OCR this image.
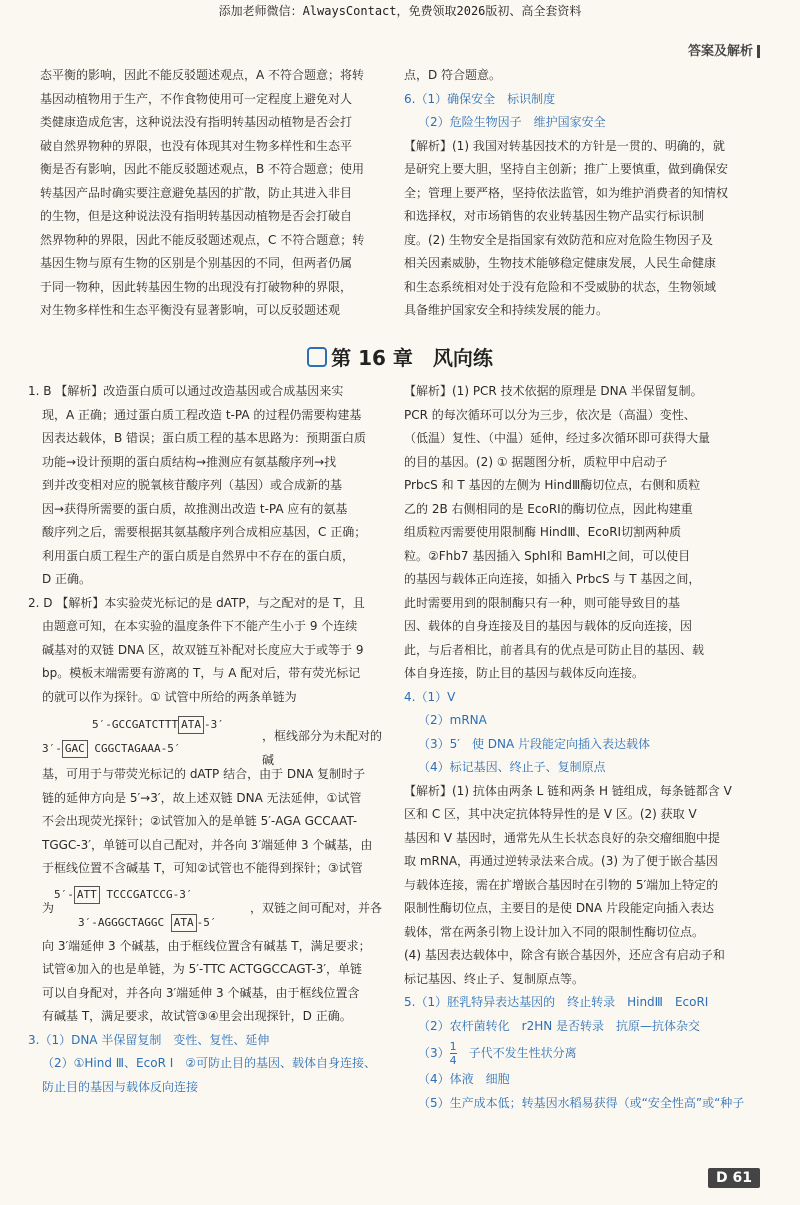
添加老师微信：AlwaysContact，免费领取2026版初、高全套资料
答案及解析

态平衡的影响，因此不能反驳题述观点，A 不符合题意；将转

基因动植物用于生产，不作食物使用可一定程度上避免对人

类健康造成危害，这种说法没有指明转基因动植物是否会打

破自然界物种的界限，也没有体现其对生物多样性和生态平

衡是否有影响，因此不能反驳题述观点，B 不符合题意；使用

转基因产品时确实要注意避免基因的扩散，防止其进入非目

的生物，但是这种说法没有指明转基因动植物是否会打破自

然界物种的界限，因此不能反驳题述观点，C 不符合题意；转

基因生物与原有生物的区别是个别基因的不同，但两者仍属

于同一物种，因此转基因生物的出现没有打破物种的界限，

对生物多样性和生态平衡没有显著影响，可以反驳题述观

点，D 符合题意。

6.（1）确保安全　标识制度

（2）危险生物因子　维护国家安全

【解析】(1) 我国对转基因技术的方针是一贯的、明确的，就

是研究上要大胆，坚持自主创新；推广上要慎重，做到确保安

全；管理上要严格，坚持依法监管，如为维护消费者的知情权

和选择权，对市场销售的农业转基因生物产品实行标识制

度。(2) 生物安全是指国家有效防范和应对危险生物因子及

相关因素威胁，生物技术能够稳定健康发展，人民生命健康

和生态系统相对处于没有危险和不受威胁的状态，生物领域

具备维护国家安全和持续发展的能力。

第 16 章　风向练

1. B 【解析】改造蛋白质可以通过改造基因或合成基因来实

现，A 正确；通过蛋白质工程改造 t-PA 的过程仍需要构建基

因表达载体，B 错误；蛋白质工程的基本思路为：预期蛋白质

功能→设计预期的蛋白质结构→推测应有氨基酸序列→找

到并改变相对应的脱氧核苷酸序列（基因）或合成新的基

因→获得所需要的蛋白质，故推测出改造 t-PA 应有的氨基

酸序列之后，需要根据其氨基酸序列合成相应基因，C 正确；

利用蛋白质工程生产的蛋白质是自然界中不存在的蛋白质，

D 正确。

2. D 【解析】本实验荧光标记的是 dATP，与之配对的是 T，且

由题意可知，在本实验的温度条件下不能产生小于 9 个连续

碱基对的双链 DNA 区，故双链互补配对长度应大于或等于 9

bp。模板末端需要有游离的 T，与 A 配对后，带有荧光标记

的就可以作为探针。① 试管中所给的两条单链为

5′-GCCGATCTTT ATA -3′
3′- GAC CGGCTAGAAA-5′
，框线部分为未配对的碱

基，可用于与带荧光标记的 dATP 结合，由于 DNA 复制时子

链的延伸方向是 5′→3′，故上述双链 DNA 无法延伸，①试管

不会出现荧光探针；②试管加入的是单链 5′-AGA GCCAAT-

TGGC-3′，单链可以自己配对，并各向 3′端延伸 3 个碱基，由

于框线位置不含碱基 T，可知②试管也不能得到探针；③试管

5′- ATT TCCCGATCCG-3′
为
3′-AGGGCTAGGC ATA -5′
，双链之间可配对，并各

向 3′端延伸 3 个碱基，由于框线位置含有碱基 T，满足要求；

试管④加入的也是单链，为 5′-TTC ACTGGCCAGT-3′，单链

可以自身配对，并各向 3′端延伸 3 个碱基，由于框线位置含

有碱基 T，满足要求，故试管③④里会出现探针，D 正确。

3.（1）DNA 半保留复制　变性、复性、延伸

（2）①Hind Ⅲ、EcoR Ⅰ　②可防止目的基因、载体自身连接、

防止目的基因与载体反向连接

【解析】(1) PCR 技术依据的原理是 DNA 半保留复制。

PCR 的每次循环可以分为三步，依次是（高温）变性、

（低温）复性、（中温）延伸，经过多次循环即可获得大量

的目的基因。(2) ① 据题图分析，质粒甲中启动子

PrbcS 和 T 基因的左侧为 HindⅢ酶切位点，右侧和质粒

乙的 2B 右侧相同的是 EcoRⅠ的酶切位点，因此构建重

组质粒丙需要使用限制酶 HindⅢ、EcoRⅠ切割两种质

粒。②Fhb7 基因插入 SphⅠ和 BamHⅠ之间，可以使目

的基因与载体正向连接，如插入 PrbcS 与 T 基因之间，

此时需要用到的限制酶只有一种，则可能导致目的基

因、载体的自身连接及目的基因与载体的反向连接，因

此，与后者相比，前者具有的优点是可防止目的基因、载

体自身连接，防止目的基因与载体反向连接。

4.（1）V

（2）mRNA

（3）5′　使 DNA 片段能定向插入表达载体

（4）标记基因、终止子、复制原点

【解析】(1) 抗体由两条 L 链和两条 H 链组成，每条链都含 V

区和 C 区，其中决定抗体特异性的是 V 区。(2) 获取 V

基因和 V 基因时，通常先从生长状态良好的杂交瘤细胞中提

取 mRNA，再通过逆转录法来合成。(3) 为了便于嵌合基因

与载体连接，需在扩增嵌合基因时在引物的 5′端加上特定的

限制性酶切位点，主要目的是使 DNA 片段能定向插入表达

载体，常在两条引物上设计加入不同的限制性酶切位点。

(4) 基因表达载体中，除含有嵌合基因外，还应含有启动子和

标记基因、终止子、复制原点等。

5.（1）胚乳特异表达基因的　终止转录　HindⅢ　EcoRⅠ

（2）农杆菌转化　r2HN 是否转录　抗原—抗体杂交

$(3) \frac{1}{4}$ 　子代不发生性状分离

（4）体液　细胞

（5）生产成本低；转基因水稻易获得（或“安全性高”或“种子

D 61
